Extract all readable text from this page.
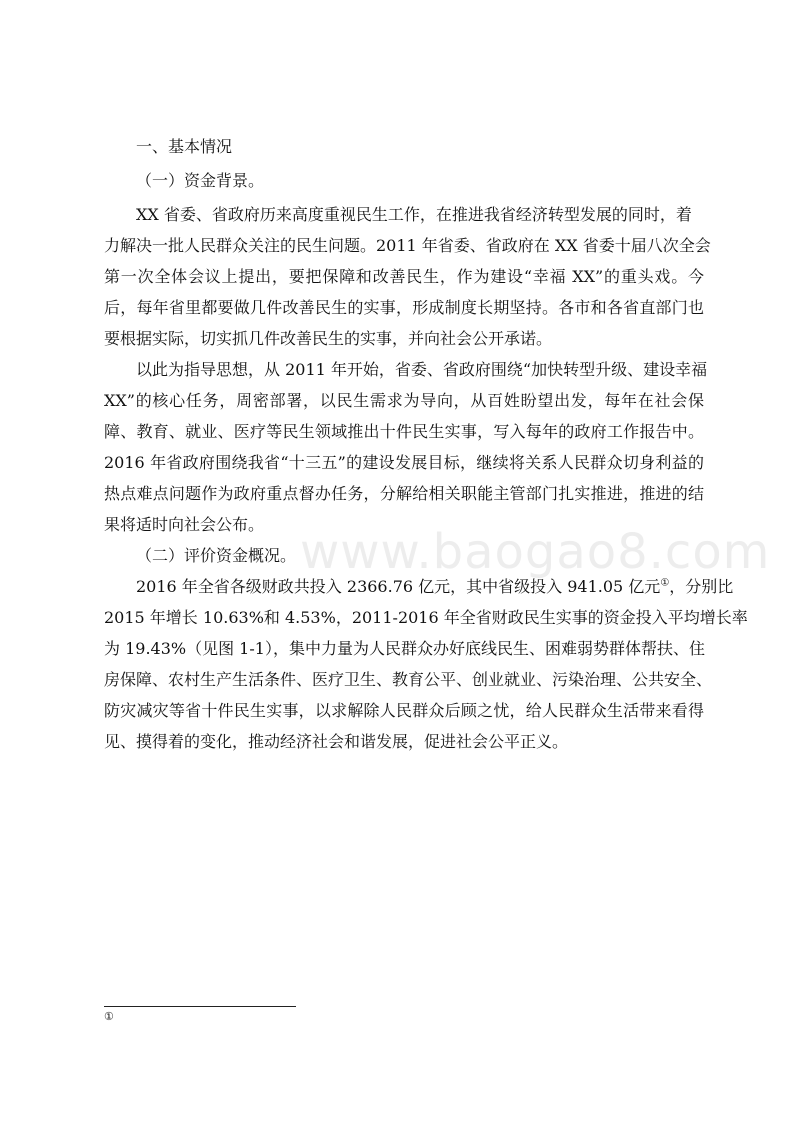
www.baogao8.com
一、基本情况
（一）资金背景。
XX 省委、省政府历来高度重视民生工作，在推进我省经济转型发展的同时，着
力解决一批人民群众关注的民生问题。2011 年省委、省政府在 XX 省委十届八次全会
第一次全体会议上提出，要把保障和改善民生，作为建设“幸福 XX”的重头戏。今
后，每年省里都要做几件改善民生的实事，形成制度长期坚持。各市和各省直部门也
要根据实际，切实抓几件改善民生的实事，并向社会公开承诺。
以此为指导思想，从 2011 年开始，省委、省政府围绕“加快转型升级、建设幸福
XX”的核心任务，周密部署，以民生需求为导向，从百姓盼望出发，每年在社会保
障、教育、就业、医疗等民生领域推出十件民生实事，写入每年的政府工作报告中。
2016 年省政府围绕我省“十三五”的建设发展目标，继续将关系人民群众切身利益的
热点难点问题作为政府重点督办任务，分解给相关职能主管部门扎实推进，推进的结
果将适时向社会公布。
（二）评价资金概况。
2016 年全省各级财政共投入 2366.76 亿元，其中省级投入 941.05 亿元①，分别比
2015 年增长 10.63%和 4.53%，2011-2016 年全省财政民生实事的资金投入平均增长率
为 19.43%（见图 1-1），集中力量为人民群众办好底线民生、困难弱势群体帮扶、住
房保障、农村生产生活条件、医疗卫生、教育公平、创业就业、污染治理、公共安全、
防灾减灾等省十件民生实事，以求解除人民群众后顾之忧，给人民群众生活带来看得
见、摸得着的变化，推动经济社会和谐发展，促进社会公平正义。
①
